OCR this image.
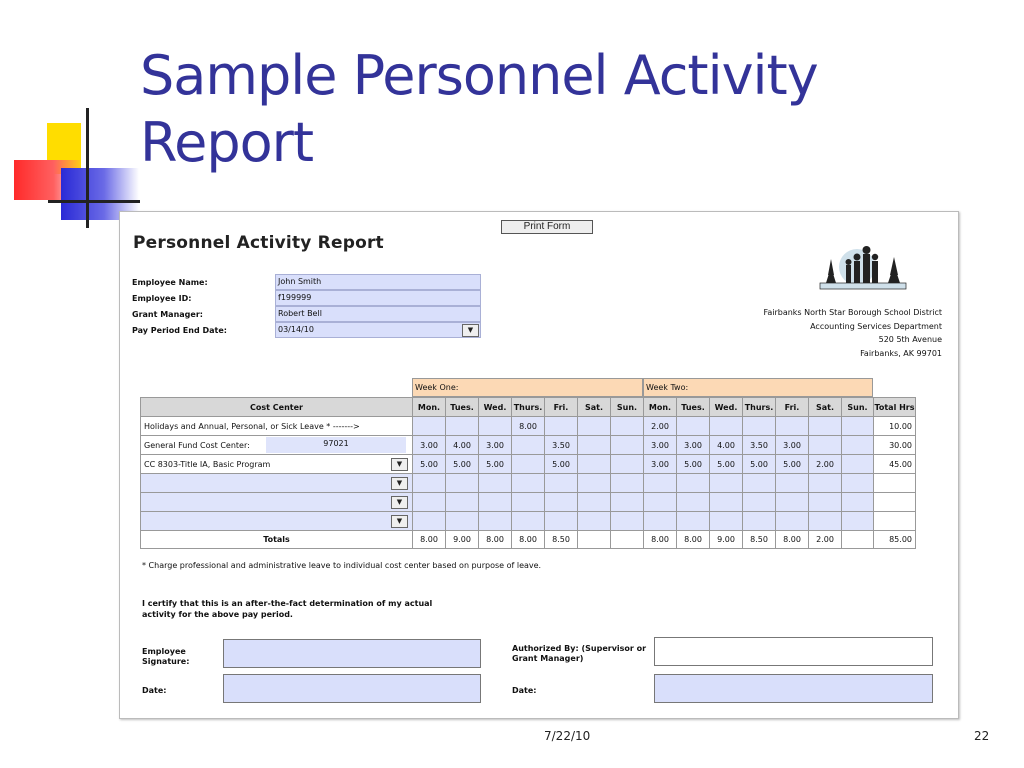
Sample Personnel Activity
Report
Print Form
Personnel Activity Report
Employee Name:	John Smith
Employee ID:	f199999
Grant Manager:	Robert Bell
Pay Period End Date:	03/14/10	▼
Fairbanks North Star Borough School District
Accounting Services Department
520 5th Avenue
Fairbanks, AK 99701
Week One:	Week Two:
Cost Center	Mon.	Tues.	Wed.	Thurs.	Fri.	Sat.	Sun.	Mon.	Tues.	Wed.	Thurs.	Fri.	Sat.	Sun.	Total Hrs
Holidays and Annual, Personal, or Sick Leave * ------->				8.00				2.00							10.00
General Fund Cost Center: 97021	3.00	4.00	3.00		3.50			3.00	3.00	4.00	3.50	3.00			30.00
CC 8303-Title IA, Basic Program ▼	5.00	5.00	5.00		5.00			3.00	5.00	5.00	5.00	5.00	2.00		45.00

▼															

▼															

▼															

Totals	8.00	9.00	8.00	8.00	8.50			8.00	8.00	9.00	8.50	8.00	2.00		85.00
* Charge professional and administrative leave to individual cost center based on purpose of leave.
I certify that this is an after-the-fact determination of my actual
activity for the above pay period.
Employee Signature:
Authorized By: (Supervisor or Grant Manager)
Date:	Date:
7/22/10	22
